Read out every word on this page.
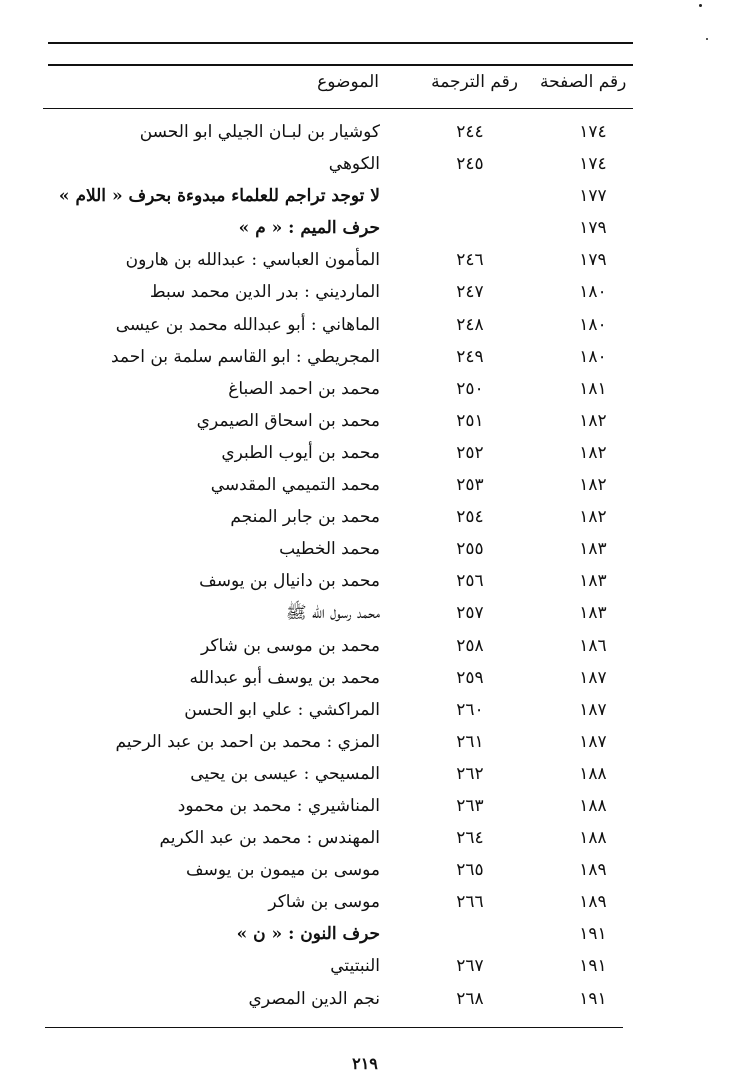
رقم الصفحة
رقم الترجمة
الموضوع
١٧٤
٢٤٤
كوشيار بن لبـان الجيلي ابو الحسن
١٧٤
٢٤٥
الكوهي
١٧٧
لا توجد تراجم للعلماء مبدوءة بحرف « اللام »
١٧٩
حرف الميم : « م »
١٧٩
٢٤٦
المأمون العباسي : عبدالله بن هارون
١٨٠
٢٤٧
المارديني : بدر الدين محمد سبط
١٨٠
٢٤٨
الماهاني : أبو عبدالله محمد بن عيسى
١٨٠
٢٤٩
المجريطي : ابو القاسم سلمة بن احمد
١٨١
٢٥٠
محمد بن احمد الصباغ
١٨٢
٢٥١
محمد بن اسحاق الصيمري
١٨٢
٢٥٢
محمد بن أيوب الطبري
١٨٢
٢٥٣
محمد التميمي المقدسي
١٨٢
٢٥٤
محمد بن جابر المنجم
١٨٣
٢٥٥
محمد الخطيب
١٨٣
٢٥٦
محمد بن دانيال بن يوسف
١٨٣
٢٥٧
محمد رسول الله ﷺ
١٨٦
٢٥٨
محمد بن موسى بن شاكر
١٨٧
٢٥٩
محمد بن يوسف أبو عبدالله
١٨٧
٢٦٠
المراكشي : علي ابو الحسن
١٨٧
٢٦١
المزي : محمد بن احمد بن عبد الرحيم
١٨٨
٢٦٢
المسيحي : عيسى بن يحيى
١٨٨
٢٦٣
المناشيري : محمد بن محمود
١٨٨
٢٦٤
المهندس : محمد بن عبد الكريم
١٨٩
٢٦٥
موسى بن ميمون بن يوسف
١٨٩
٢٦٦
موسى بن شاكر
١٩١
حرف النون : « ن »
١٩١
٢٦٧
النبتيتي
١٩١
٢٦٨
نجم الدين المصري
٢١٩
